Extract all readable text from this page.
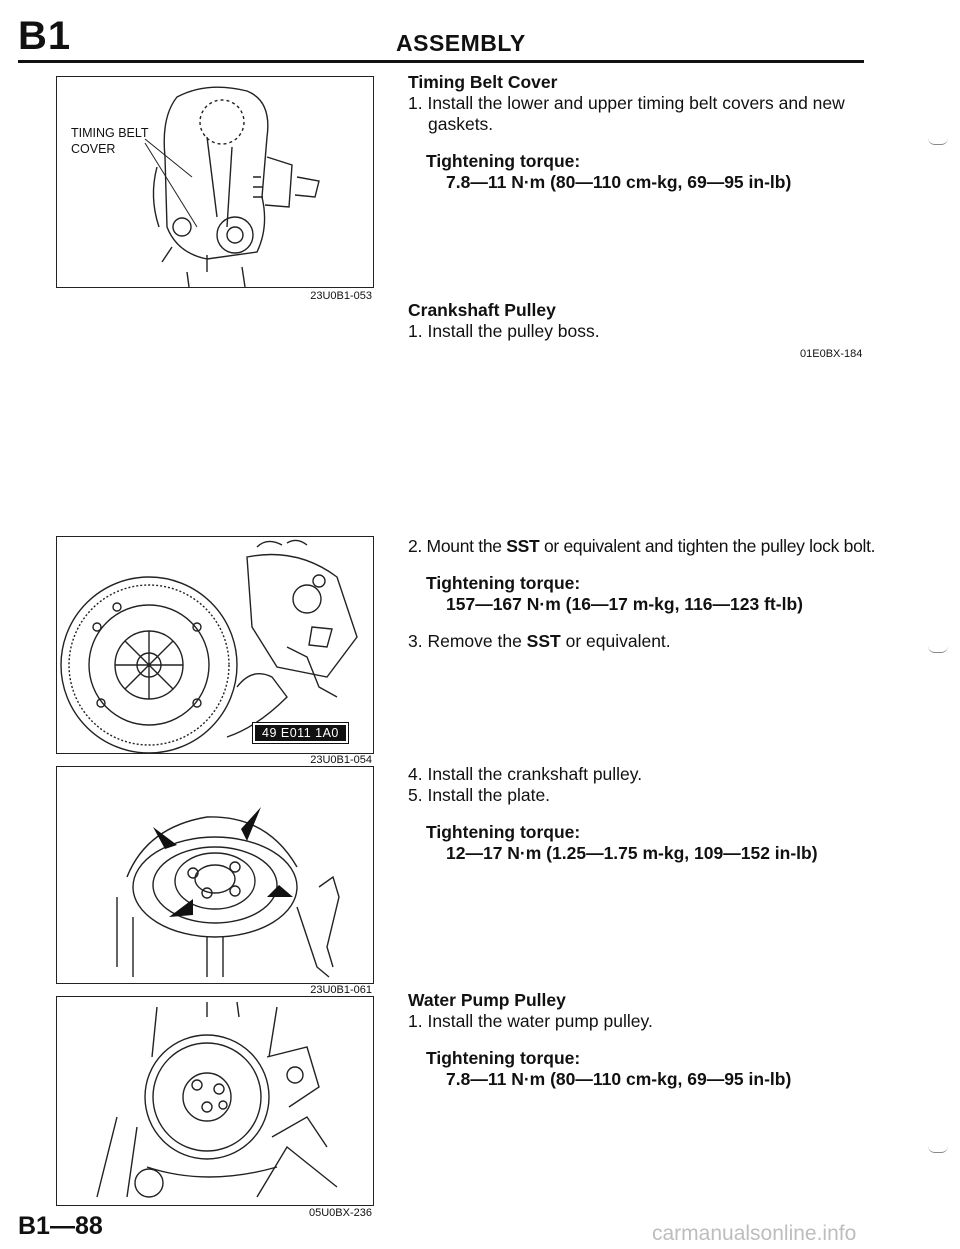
B1	ASSEMBLY
TIMING BELT
COVER
23U0B1-053
49 E011 1A0
23U0B1-054
23U0B1-061
05U0BX-236
Timing Belt Cover
1. Install the lower and upper timing belt covers and new
gaskets.
Tightening torque:
7.8—11 N·m (80—110 cm-kg, 69—95 in-lb)
Crankshaft Pulley
1. Install the pulley boss.
01E0BX-184
2. Mount the SST or equivalent and tighten the pulley lock bolt.
Tightening torque:
157—167 N·m (16—17 m-kg, 116—123 ft-lb)
3. Remove the SST or equivalent.
4. Install the crankshaft pulley.
5. Install the plate.
Tightening torque:
12—17 N·m (1.25—1.75 m-kg, 109—152 in-lb)
Water Pump Pulley
1. Install the water pump pulley.
Tightening torque:
7.8—11 N·m (80—110 cm-kg, 69—95 in-lb)
B1—88	carmanualsonline.info
